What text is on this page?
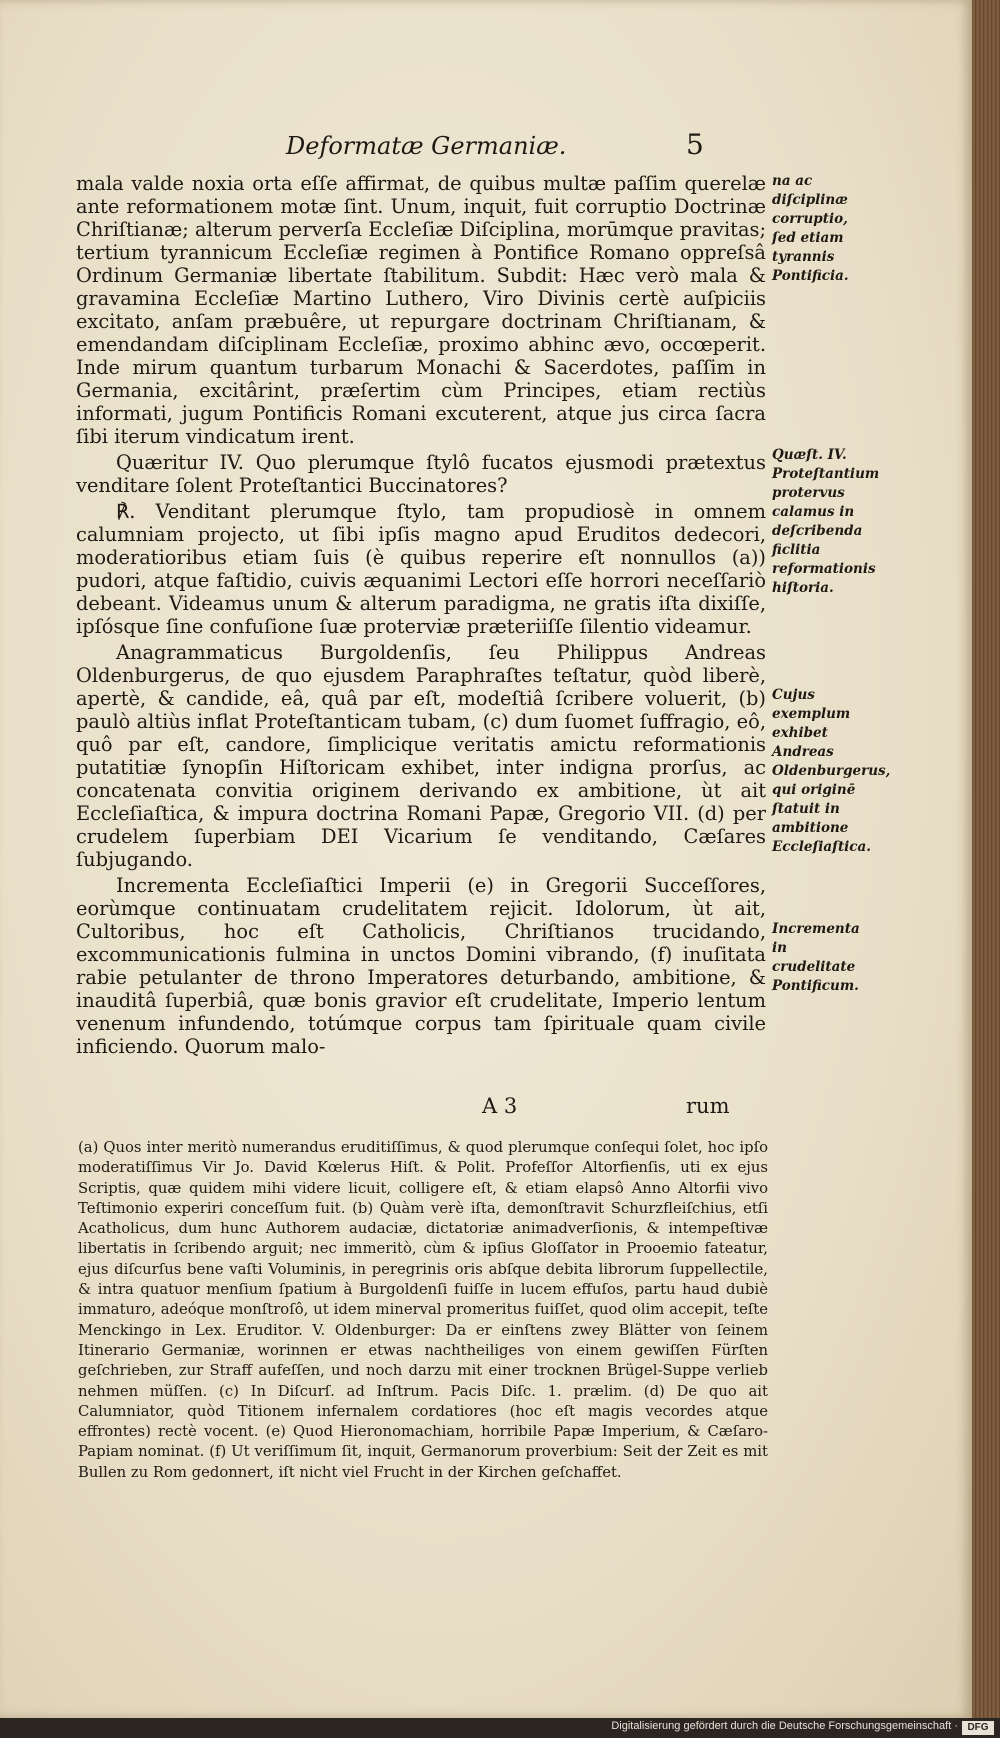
Deformatæ Germaniæ.	5

mala valde noxia orta eſſe affirmat, de quibus multæ paſſim querelæ ante reformationem motæ ſint. Unum, inquit, fuit corruptio Doctrinæ Chriſtianæ; alterum perverſa Eccleſiæ Diſciplina, morūmque pravitas; tertium tyrannicum Eccleſiæ regimen à Pontifice Romano oppreſsâ Ordinum Germaniæ libertate ſtabilitum. Subdit: Hæc verò mala & gravamina Eccleſiæ Martino Luthero, Viro Divinis certè auſpiciis excitato, anſam præbuêre, ut repurgare doctrinam Chriſtianam, & emendandam diſciplinam Eccleſiæ, proximo abhinc ævo, occœperit. Inde mirum quantum turbarum Monachi & Sacerdotes, paſſim in Germania, excitârint, præſertim cùm Principes, etiam rectiùs informati, jugum Pontificis Romani excuterent, atque jus circa ſacra ſibi iterum vindicatum irent.

Quæritur IV. Quo plerumque ſtylô fucatos ejusmodi prætextus venditare ſolent Proteſtantici Buccinatores?

℟. Venditant plerumque ſtylo, tam propudiosè in omnem calumniam projecto, ut ſibi ipſis magno apud Eruditos dedecori, moderatioribus etiam ſuis (è quibus reperire eſt nonnullos (a)) pudori, atque faſtidio, cuivis æquanimi Lectori eſſe horrori neceſſariò debeant. Videamus unum & alterum paradigma, ne gratis iſta dixiſſe, ipſósque ſine confuſione ſuæ proterviæ præteriiſſe ſilentio videamur.

Anagrammaticus Burgoldenſis, ſeu Philippus Andreas Oldenburgerus, de quo ejusdem Paraphraſtes teſtatur, quòd liberè, apertè, & candide, eâ, quâ par eſt, modeſtiâ ſcribere voluerit, (b) paulò altiùs inflat Proteſtanticam tubam, (c) dum ſuomet ſuffragio, eô, quô par eſt, candore, ſimplicique veritatis amictu reformationis putatitiæ ſynopſin Hiſtoricam exhibet, inter indigna prorſus, ac concatenata convitia originem derivando ex ambitione, ùt ait Eccleſiaſtica, & impura doctrina Romani Papæ, Gregorio VII. (d) per crudelem ſuperbiam DEI Vicarium ſe venditando, Cæſares ſubjugando.

Incrementa Eccleſiaſtici Imperii (e) in Gregorii Succeſſores, eorùmque continuatam crudelitatem rejicit. Idolorum, ùt ait, Cultoribus, hoc eſt Catholicis, Chriſtianos trucidando, excommunicationis fulmina in unctos Domini vibrando, (f) inuſitata rabie petulanter de throno Imperatores deturbando, ambitione, & inauditâ ſuperbiâ, quæ bonis gravior eſt crudelitate, Imperio lentum venenum infundendo, totúmque corpus tam ſpirituale quam civile inficiendo. Quorum malo-

na ac diſciplinæ corruptio, ſed etiam tyrannis Pontificia.
Quæſt. IV. Proteſtantium protervus calamus in deſcribenda ficlitia reformationis hiſtoria.
Cujus exemplum exhibet Andreas Oldenburgerus, qui originē ſtatuit in ambitione Eccleſiaſtica.
Incrementa in crudelitate Pontificum.
A 3	rum
(a) Quos inter meritò numerandus eruditiſſimus, & quod plerumque conſequi ſolet, hoc ipſo moderatiſſimus Vir Jo. David Kœlerus Hiſt. & Polit. Profeſſor Altorfienſis, uti ex ejus Scriptis, quæ quidem mihi videre licuit, colligere eſt, & etiam elapsô Anno Altorfii vivo Teſtimonio experiri conceſſum fuit. (b) Quàm verè iſta, demonſtravit Schurzfleiſchius, etſi Acatholicus, dum hunc Authorem audaciæ, dictatoriæ animadverſionis, & intempeſtivæ libertatis in ſcribendo arguit; nec immeritò, cùm & ipſius Gloſſator in Prooemio fateatur, ejus diſcurſus bene vaſti Voluminis, in peregrinis oris abſque debita librorum ſuppellectile, & intra quatuor menſium ſpatium à Burgoldenſi fuiſſe in lucem effuſos, partu haud dubiè immaturo, adeóque monſtroſô, ut idem minerval promeritus fuiſſet, quod olim accepit, teſte Menckingo in Lex. Eruditor. V. Oldenburger: Da er einſtens zwey Blätter von ſeinem Itinerario Germaniæ, worinnen er etwas nachtheiliges von einem gewiſſen Fürſten geſchrieben, zur Straff aufeſſen, und noch darzu mit einer trocknen Brügel-Suppe verlieb nehmen müſſen. (c) In Diſcurſ. ad Inſtrum. Pacis Diſc. 1. prælim. (d) De quo ait Calumniator, quòd Titionem infernalem cordatiores (hoc eſt magis vecordes atque effrontes) rectè vocent. (e) Quod Hieronomachiam, horribile Papæ Imperium, & Cæſaro-Papiam nominat. (f) Ut veriſſimum ſit, inquit, Germanorum proverbium: Seit der Zeit es mit Bullen zu Rom gedonnert, iſt nicht viel Frucht in der Kirchen geſchaffet.
Digitalisierung gefördert durch die Deutsche Forschungsgemeinschaft · DFG
